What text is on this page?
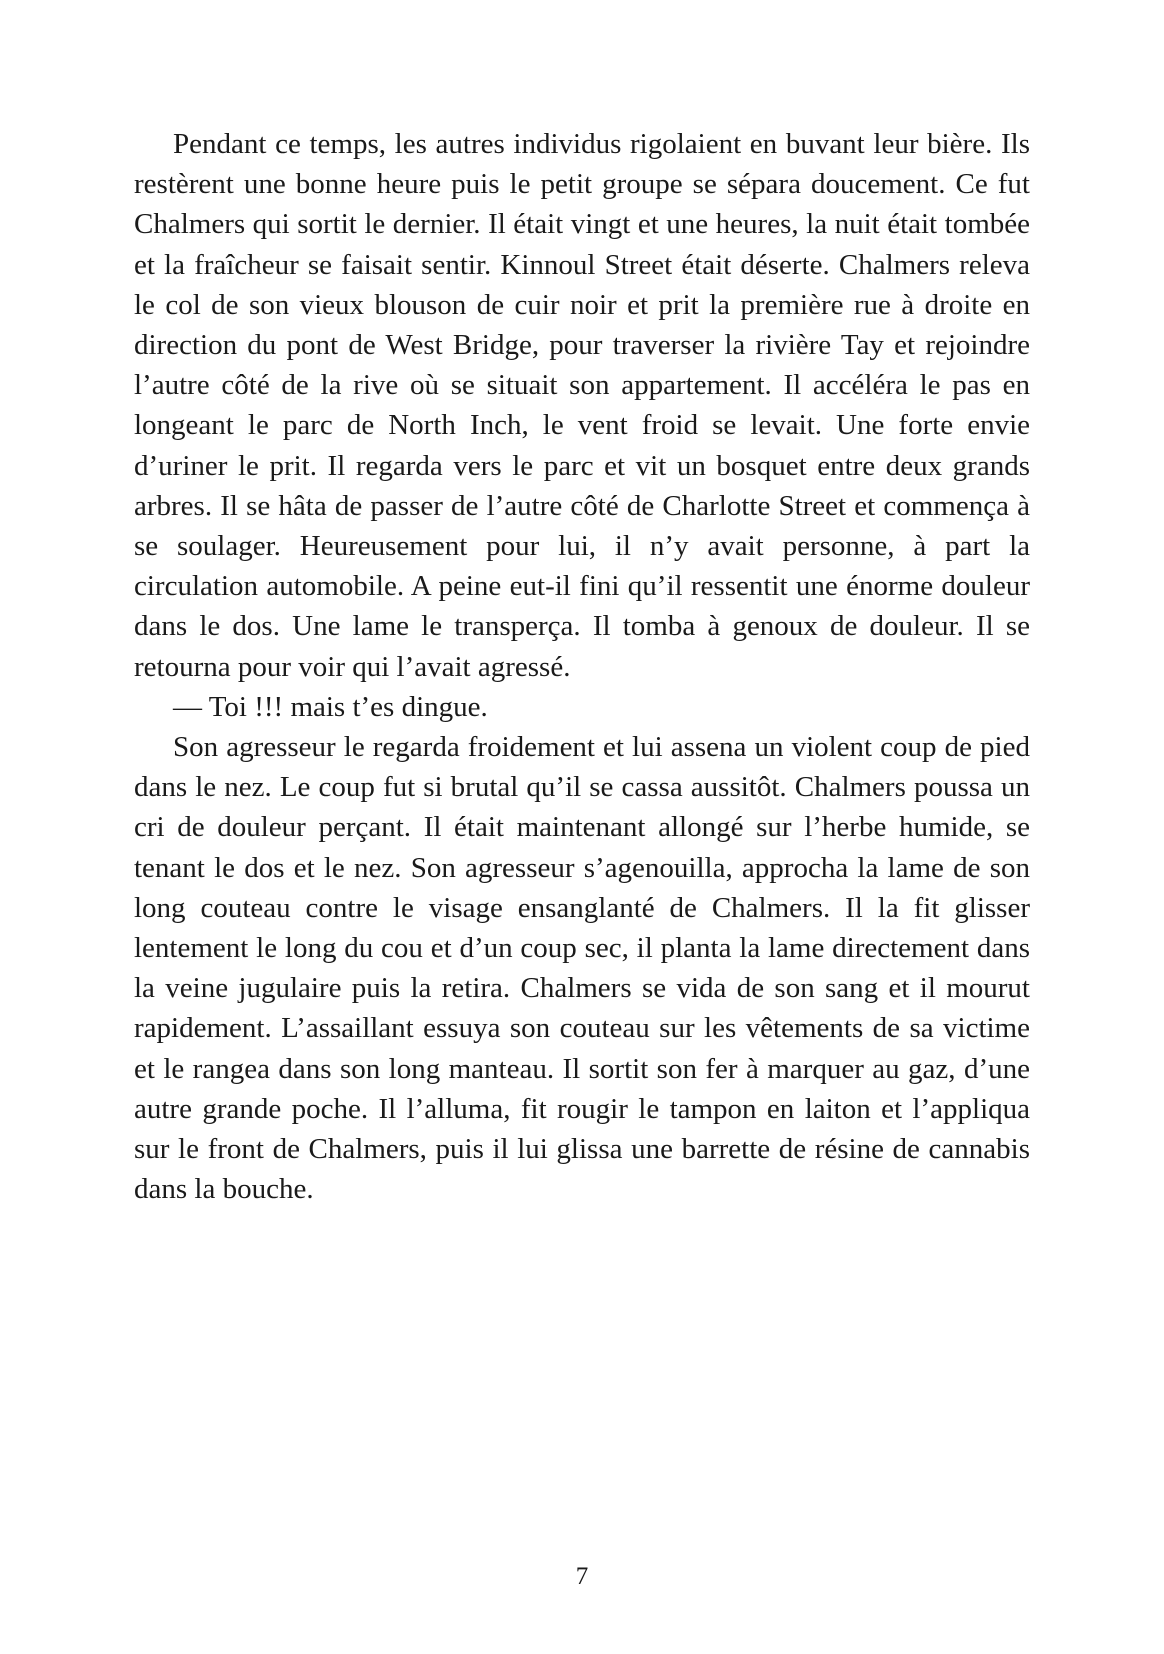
Pendant ce temps, les autres individus rigolaient en buvant leur bière. Ils restèrent une bonne heure puis le petit groupe se sépara doucement. Ce fut Chalmers qui sortit le dernier. Il était vingt et une heures, la nuit était tombée et la fraîcheur se faisait sentir. Kinnoul Street était déserte. Chalmers releva le col de son vieux blouson de cuir noir et prit la première rue à droite en direction du pont de West Bridge, pour traverser la rivière Tay et rejoindre l’autre côté de la rive où se situait son appartement. Il accéléra le pas en longeant le parc de North Inch, le vent froid se levait. Une forte envie d’uriner le prit. Il regarda vers le parc et vit un bosquet entre deux grands arbres. Il se hâta de passer de l’autre côté de Charlotte Street et commença à se soulager. Heureusement pour lui, il n’y avait personne, à part la circulation automobile. A peine eut-il fini qu’il ressentit une énorme douleur dans le dos. Une lame le transperça. Il tomba à genoux de douleur. Il se retourna pour voir qui l’avait agressé.

— Toi !!! mais t’es dingue.

Son agresseur le regarda froidement et lui assena un violent coup de pied dans le nez. Le coup fut si brutal qu’il se cassa aussitôt. Chalmers poussa un cri de douleur perçant. Il était maintenant allongé sur l’herbe humide, se tenant le dos et le nez. Son agresseur s’agenouilla, approcha la lame de son long couteau contre le visage ensanglanté de Chalmers. Il la fit glisser lentement le long du cou et d’un coup sec, il planta la lame directement dans la veine jugulaire puis la retira. Chalmers se vida de son sang et il mourut rapidement. L’assaillant essuya son couteau sur les vêtements de sa victime et le rangea dans son long manteau. Il sortit son fer à marquer au gaz, d’une autre grande poche. Il l’alluma, fit rougir le tampon en laiton et l’appliqua sur le front de Chalmers, puis il lui glissa une barrette de résine de cannabis dans la bouche.

7
